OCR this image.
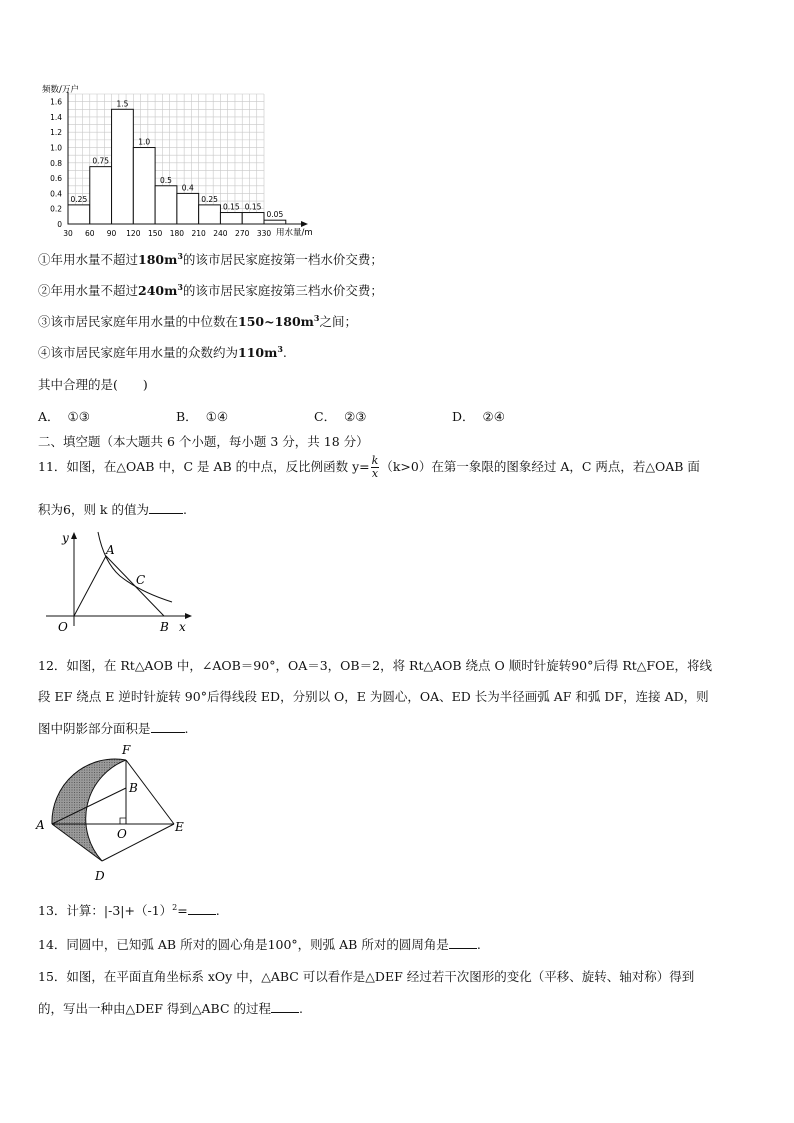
0.25
0.75
1.5
1.0
0.5
0.4
0.25
0.15 0.15
0.05
0
0.2
0.4
0.6
0.8
1.0
1.2
1.4
1.6
30 60 90 120 150 180 210 240 270 330
频数/万户
用水量/m
①年用水量不超过$180m^3$的该市居民家庭按第一档水价交费；
②年用水量不超过$240m^3$的该市居民家庭按第三档水价交费；
③该市居民家庭年用水量的中位数在$150\sim 180m^3$之间；
④该市居民家庭年用水量的众数约为$110m^3$.
其中合理的是(　　)
A． ①③	B． ①④	C． ②③	D． ②④
二、填空题（本大题共 6 个小题，每小题 3 分，共 18 分）
11．如图，在△OAB 中，C 是 AB 的中点，反比例函数 $y= \frac{k}{x} (k>0)$在第一象限的图象经过 A，C 两点，若△OAB 面
积为6，则 k 的值为	.
y
A
C
O	B x
12．如图，在 Rt△AOB 中，∠AOB＝90°，OA＝3，OB＝2，将 Rt△AOB 绕点 O 顺时针旋转90°后得 Rt△FOE，将线
段 EF 绕点 E 逆时针旋转 90°后得线段 ED，分别以 O，E 为圆心，OA、ED 长为半径画弧 AF 和弧 DF，连接 AD，则
图中阴影部分面积是	.
F
B
A
O	E
D
13．计算：$|-3|+(-1)^2=$ .
14．同圆中，已知弧 AB 所对的圆心角是100°，则弧 AB 所对的圆周角是 .
15．如图，在平面直角坐标系 xOy 中，△ABC 可以看作是△DEF 经过若干次图形的变化（平移、旋转、轴对称）得到
的，写出一种由△DEF 得到△ABC 的过程 .
